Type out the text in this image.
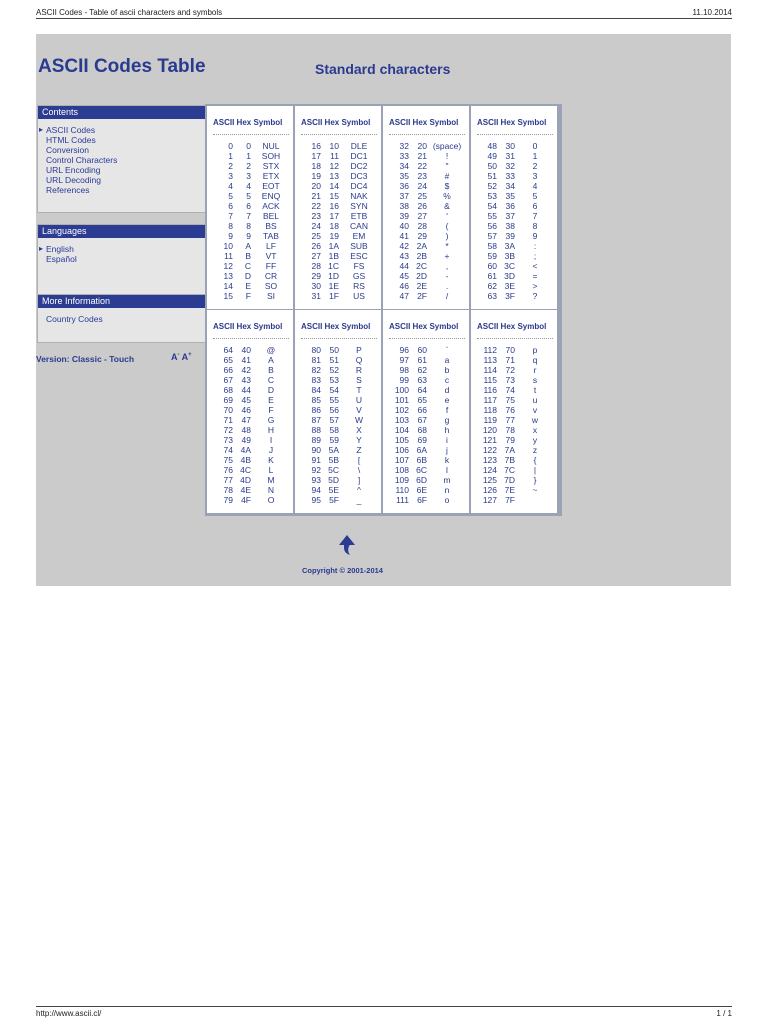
ASCII Codes - Table of ascii characters and symbols	11.10.2014
ASCII Codes Table	Standard characters
Contents
▸ ASCII Codes
HTML Codes
Conversion
Control Characters
URL Encoding
URL Decoding
References
Languages
▸ English
Español
More Information
Country Codes
Version: Classic - Touch	A- A+
ASCII Hex Symbol
0	0	NUL
1	1	SOH
2	2	STX
3	3	ETX
4	4	EOT
5	5	ENQ
6	6	ACK
7	7	BEL
8	8	BS
9	9	TAB
10	A	LF
11	B	VT
12	C	FF
13	D	CR
14	E	SO
15	F	SI
ASCII Hex Symbol
16	10	DLE
17	11	DC1
18	12	DC2
19	13	DC3
20	14	DC4
21	15	NAK
22	16	SYN
23	17	ETB
24	18	CAN
25	19	EM
26 1A	SUB
27 1B	ESC
28 1C	FS
29 1D	GS
30 1E	RS
31 1F	US
ASCII Hex Symbol
32	20 (space)
33	21	!
34	22	"
35	23	#
36	24	$
37	25	%
38	26	&
39	27	'
40	28	(
41	29	)
42 2A	*
43 2B	+
44 2C	,
45 2D	-
46 2E	.
47 2F	/
ASCII Hex Symbol
48	30	0
49	31	1
50	32	2
51	33	3
52	34	4
53	35	5
54	36	6
55	37	7
56	38	8
57	39	9
58 3A	:
59 3B	;
60 3C	<
61 3D	=
62 3E	>
63 3F	?
ASCII Hex Symbol
64	40	@
65	41	A
66	42	B
67	43	C
68	44	D
69	45	E
70	46	F
71	47	G
72	48	H
73	49	I
74 4A	J
75 4B	K
76 4C	L
77 4D	M
78 4E	N
79 4F	O
ASCII Hex Symbol
80	50	P
81	51	Q
82	52	R
83	53	S
84	54	T
85	55	U
86	56	V
87	57	W
88	58	X
89	59	Y
90 5A	Z
91 5B	[
92 5C	\
93 5D	]
94 5E	^
95 5F	_
ASCII Hex Symbol
96	60	`
97	61	a
98	62	b
99	63	c
100	64	d
101	65	e
102	66	f
103	67	g
104	68	h
105	69	i
106 6A	j
107 6B	k
108 6C	l
109 6D	m
110 6E	n
111 6F	o
ASCII Hex Symbol
112	70	p
113	71	q
114	72	r
115	73	s
116	74	t
117	75	u
118	76	v
119	77	w
120	78	x
121	79	y
122 7A	z
123 7B	{
124 7C	|
125 7D	}
126 7E	~
127 7F
Copyright © 2001-2014
http://www.ascii.cl/	1 / 1
